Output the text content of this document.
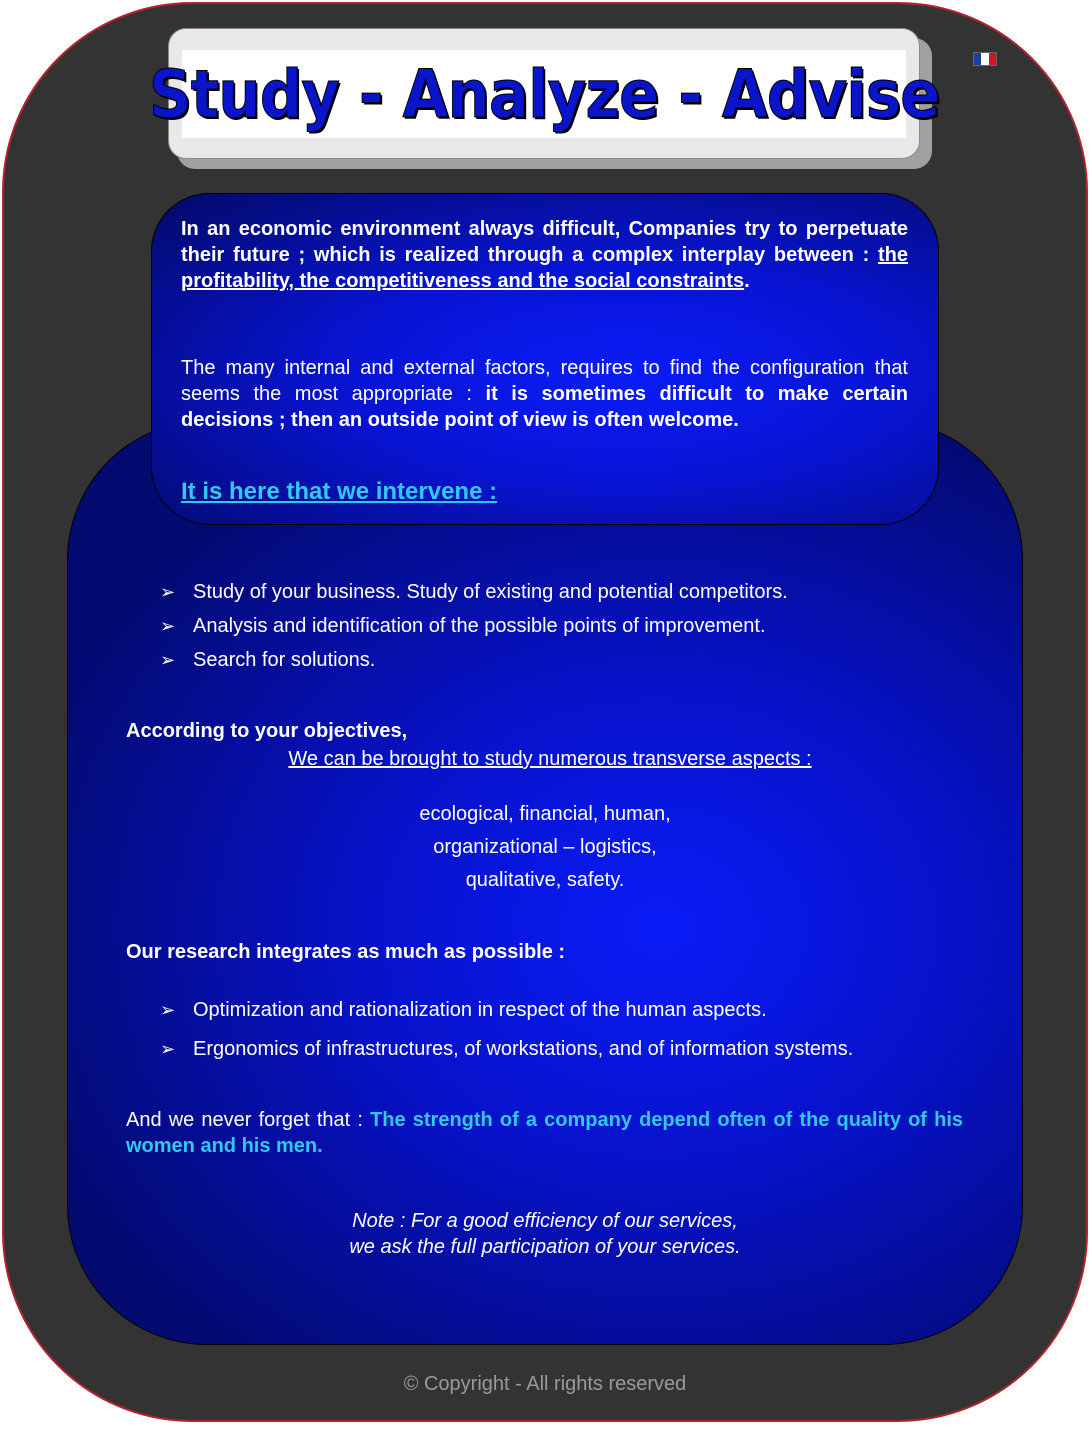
Study - Analyze - Advise
In an economic environment always difficult, Companies try to perpetuate their future ; which is realized through a complex interplay between : the profitability, the competitiveness and the social constraints.
The many internal and external factors, requires to find the configuration that seems the most appropriate : it is sometimes difficult to make certain decisions ; then an outside point of view is often welcome.
It is here that we intervene :
➢ Study of your business. Study of existing and potential competitors.
➢ Analysis and identification of the possible points of improvement.
➢ Search for solutions.
According to your objectives,
We can be brought to study numerous transverse aspects :
ecological, financial, human,
organizational – logistics,
qualitative, safety.
Our research integrates as much as possible :
➢ Optimization and rationalization in respect of the human aspects.
➢ Ergonomics of infrastructures, of workstations, and of information systems.
And we never forget that : The strength of a company depend often of the quality of his women and his men.
Note : For a good efficiency of our services,
we ask the full participation of your services.
© Copyright - All rights reserved
